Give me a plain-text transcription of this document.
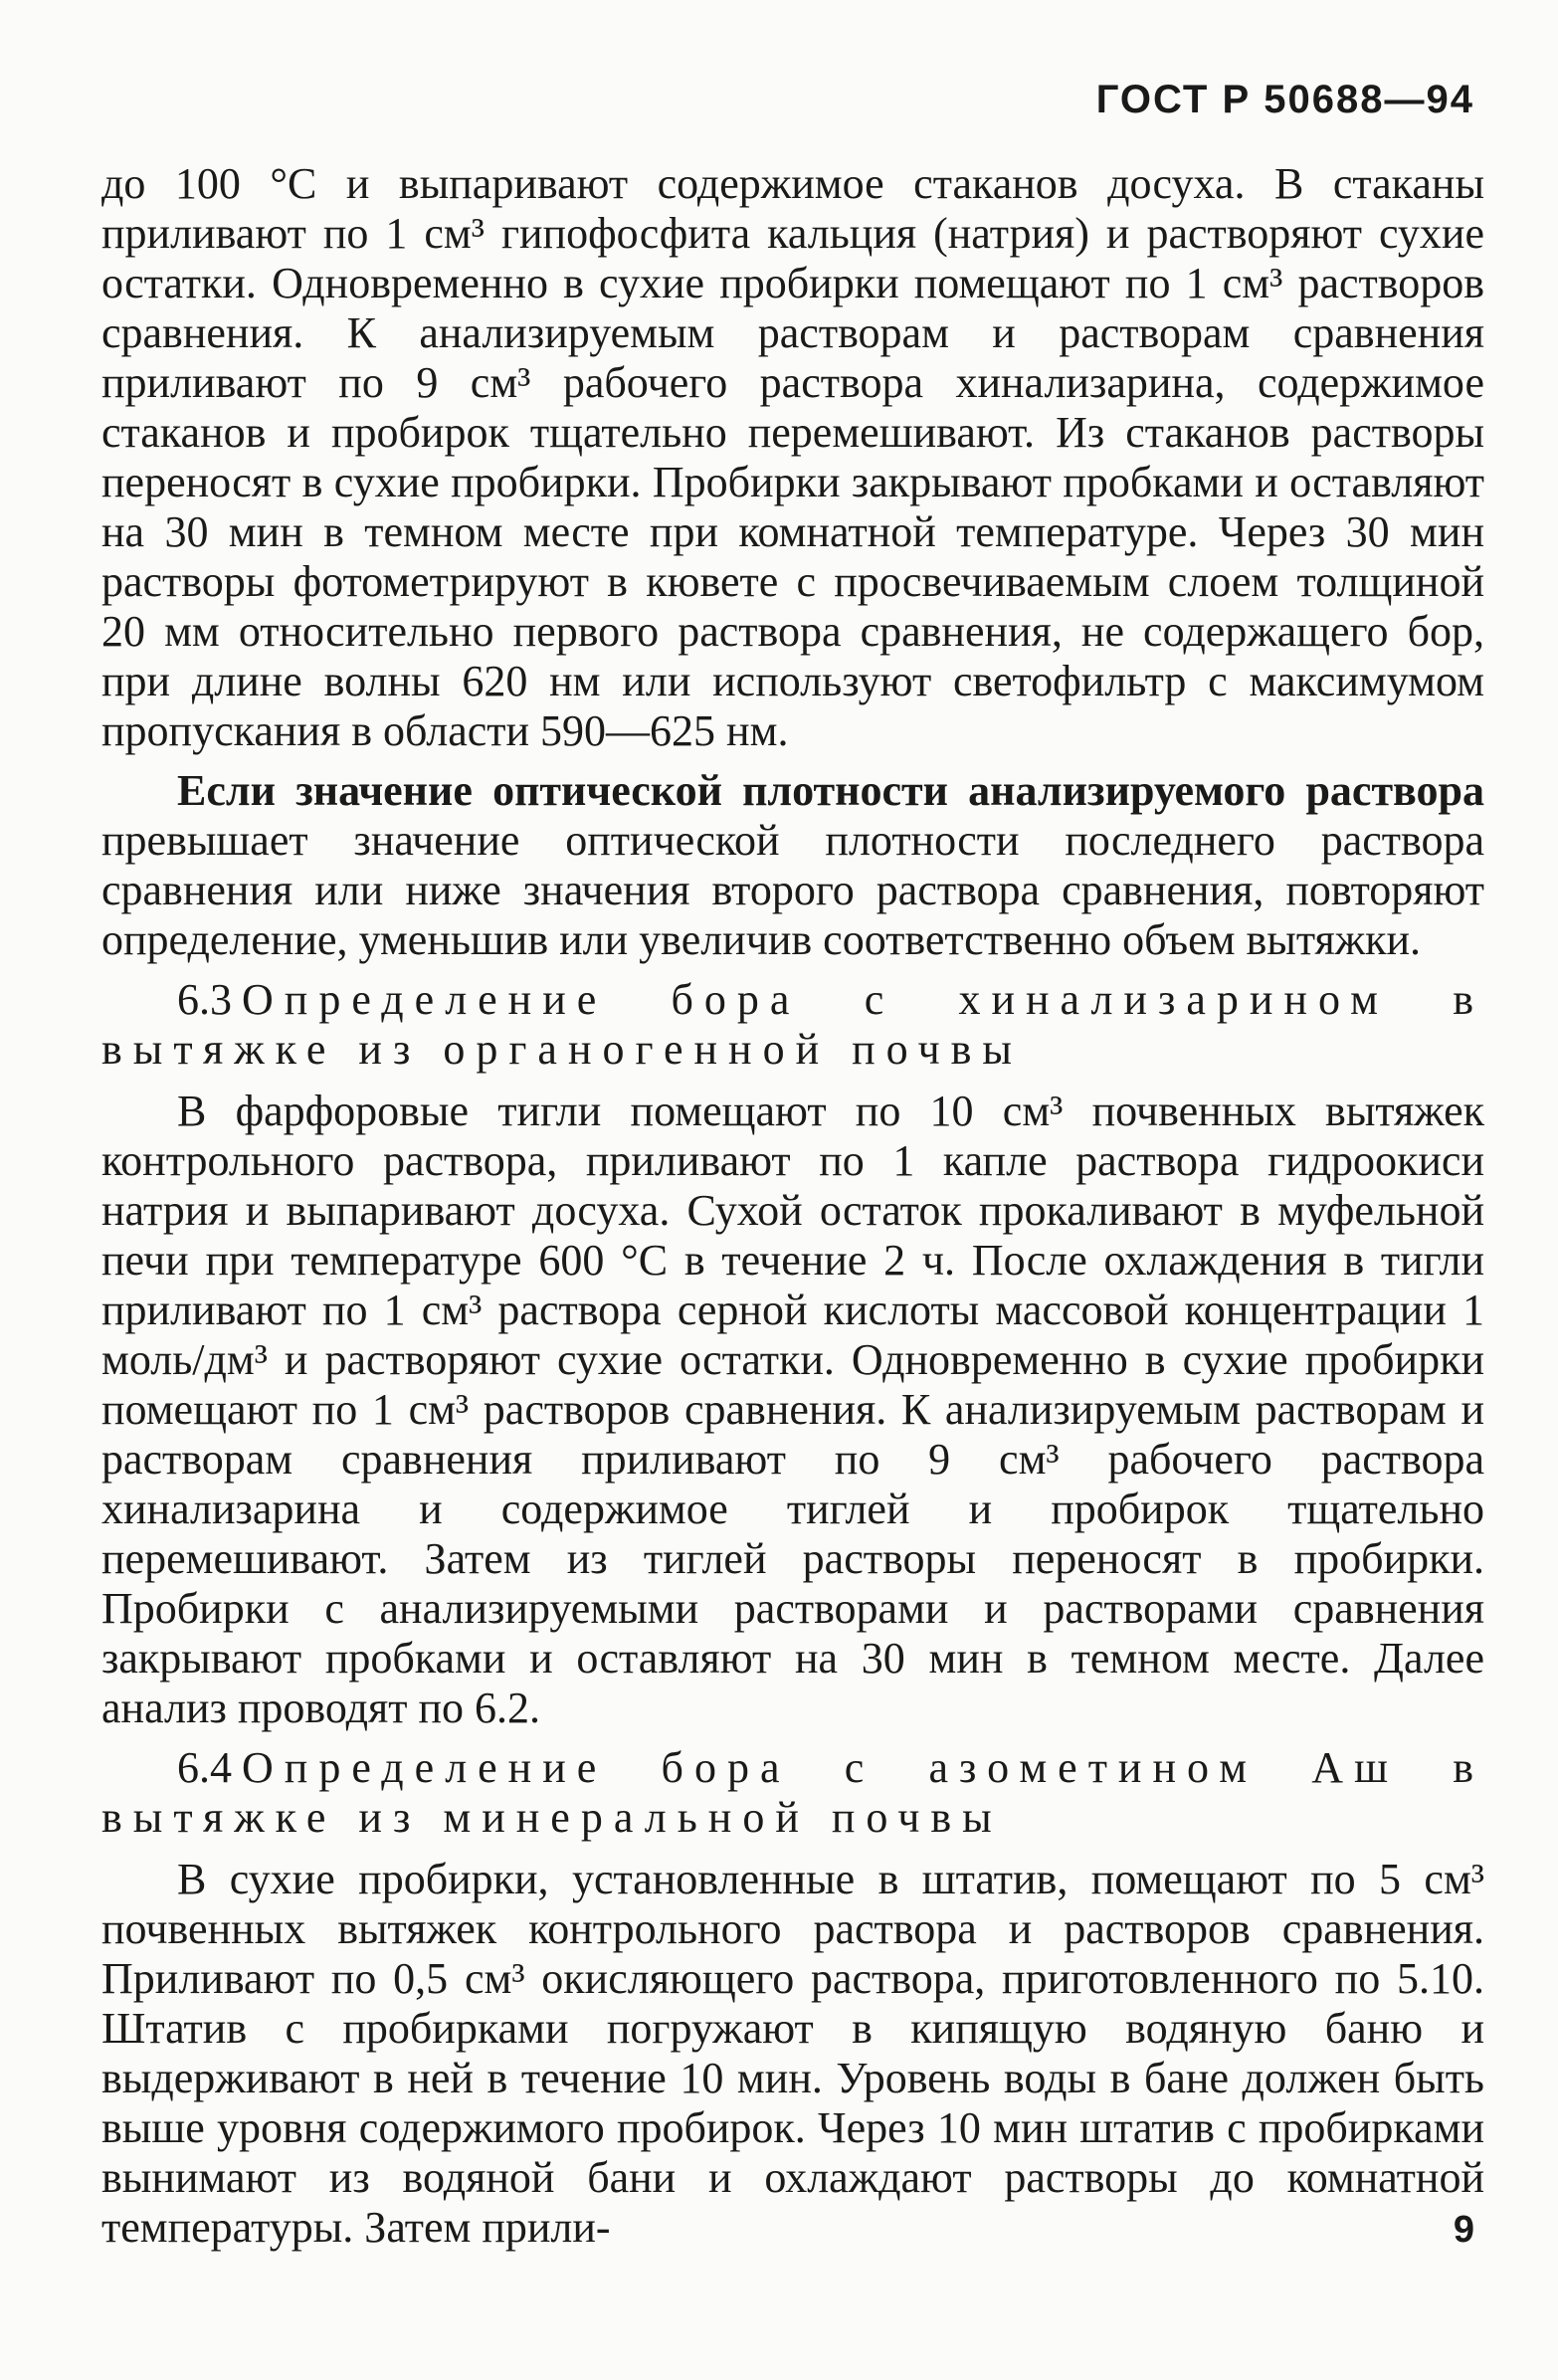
ГОСТ Р 50688—94

до 100 °С и выпаривают содержимое стаканов досуха. В стаканы приливают по 1 см³ гипофосфита кальция (натрия) и растворяют сухие остатки. Одновременно в сухие пробирки помещают по 1 см³ растворов сравнения. К анализируемым растворам и растворам сравнения приливают по 9 см³ рабочего раствора хинализарина, содержимое стаканов и пробирок тщательно перемешивают. Из стаканов растворы переносят в сухие пробирки. Пробирки закрывают пробками и оставляют на 30 мин в темном месте при комнатной температуре. Через 30 мин растворы фотометрируют в кювете с просвечиваемым слоем толщиной 20 мм относительно первого раствора сравнения, не содержащего бор, при длине волны 620 нм или используют светофильтр с максимумом пропускания в области 590—625 нм.

Если значение оптической плотности анализируемого раствора превышает значение оптической плотности последнего раствора сравнения или ниже значения второго раствора сравнения, повторяют определение, уменьшив или увеличив соответственно объем вытяжки.

6.3 Определение бора с хинализарином в вытяжке из органогенной почвы

В фарфоровые тигли помещают по 10 см³ почвенных вытяжек контрольного раствора, приливают по 1 капле раствора гидроокиси натрия и выпаривают досуха. Сухой остаток прокаливают в муфельной печи при температуре 600 °С в течение 2 ч. После охлаждения в тигли приливают по 1 см³ раствора серной кислоты массовой концентрации 1 моль/дм³ и растворяют сухие остатки. Одновременно в сухие пробирки помещают по 1 см³ растворов сравнения. К анализируемым растворам и растворам сравнения приливают по 9 см³ рабочего раствора хинализарина и содержимое тиглей и пробирок тщательно перемешивают. Затем из тиглей растворы переносят в пробирки. Пробирки с анализируемыми растворами и растворами сравнения закрывают пробками и оставляют на 30 мин в темном месте. Далее анализ проводят по 6.2.

6.4 Определение бора с азометином Аш в вытяжке из минеральной почвы

В сухие пробирки, установленные в штатив, помещают по 5 см³ почвенных вытяжек контрольного раствора и растворов сравнения. Приливают по 0,5 см³ окисляющего раствора, приготовленного по 5.10. Штатив с пробирками погружают в кипящую водяную баню и выдерживают в ней в течение 10 мин. Уровень воды в бане должен быть выше уровня содержимого пробирок. Через 10 мин штатив с пробирками вынимают из водяной бани и охлаждают растворы до комнатной температуры. Затем прили-	9
